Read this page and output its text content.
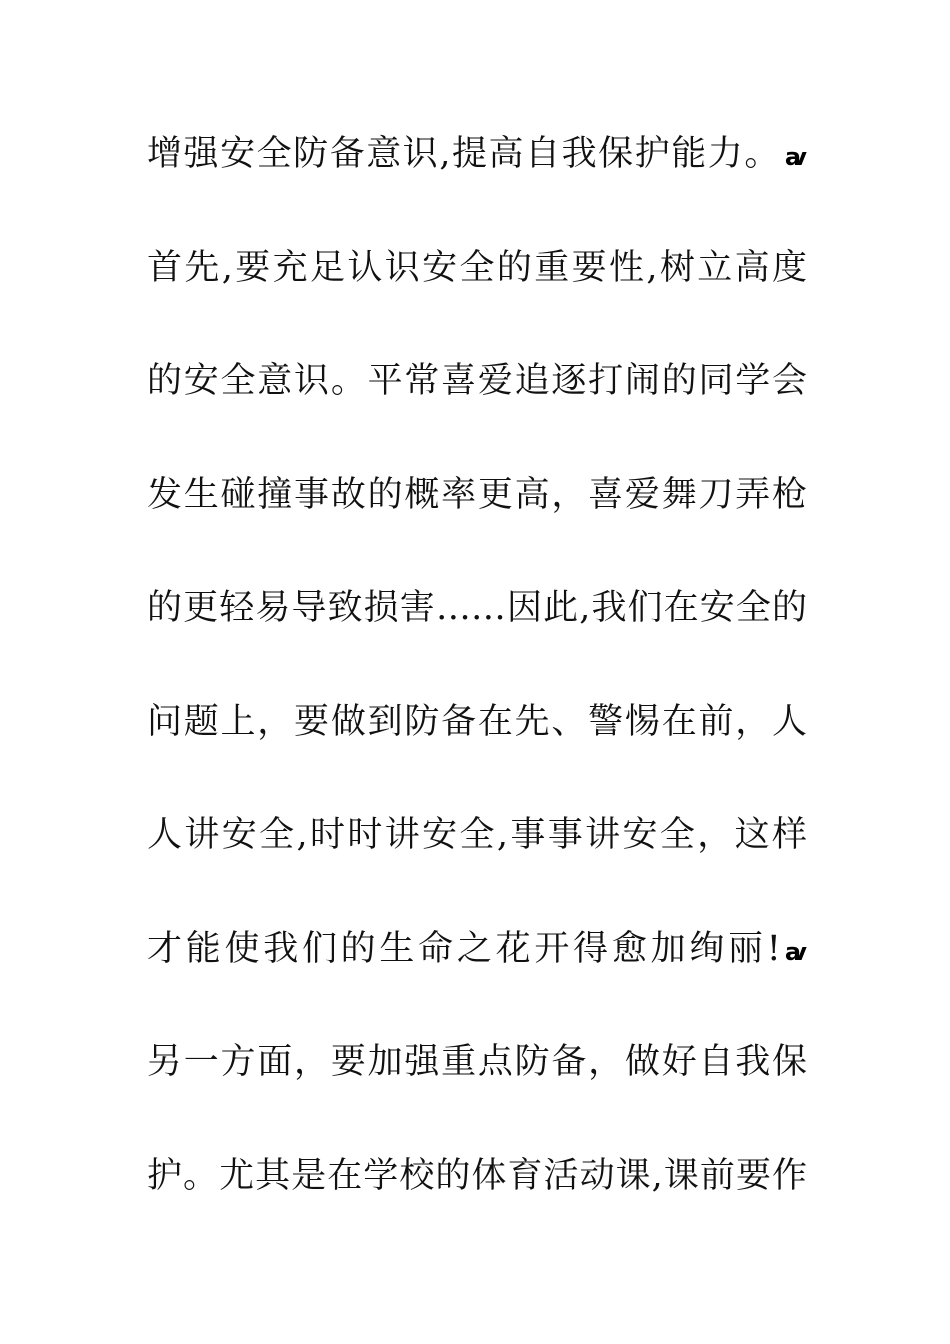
增强安全防备意识,提高自我保护能力。 ꜹ
首先,要充足认识安全的重要性,树立高度
的安全意识。平常喜爱追逐打闹的同学会
发生碰撞事故的概率更高，喜爱舞刀弄枪
的更轻易导致损害……因此,我们在安全的
问题上，要做到防备在先、警惕在前，人
人讲安全,时时讲安全,事事讲安全，这样
才能使我们的生命之花开得愈加绚丽! ꜹ
另一方面，要加强重点防备，做好自我保
护。尤其是在学校的体育活动课,课前要作
